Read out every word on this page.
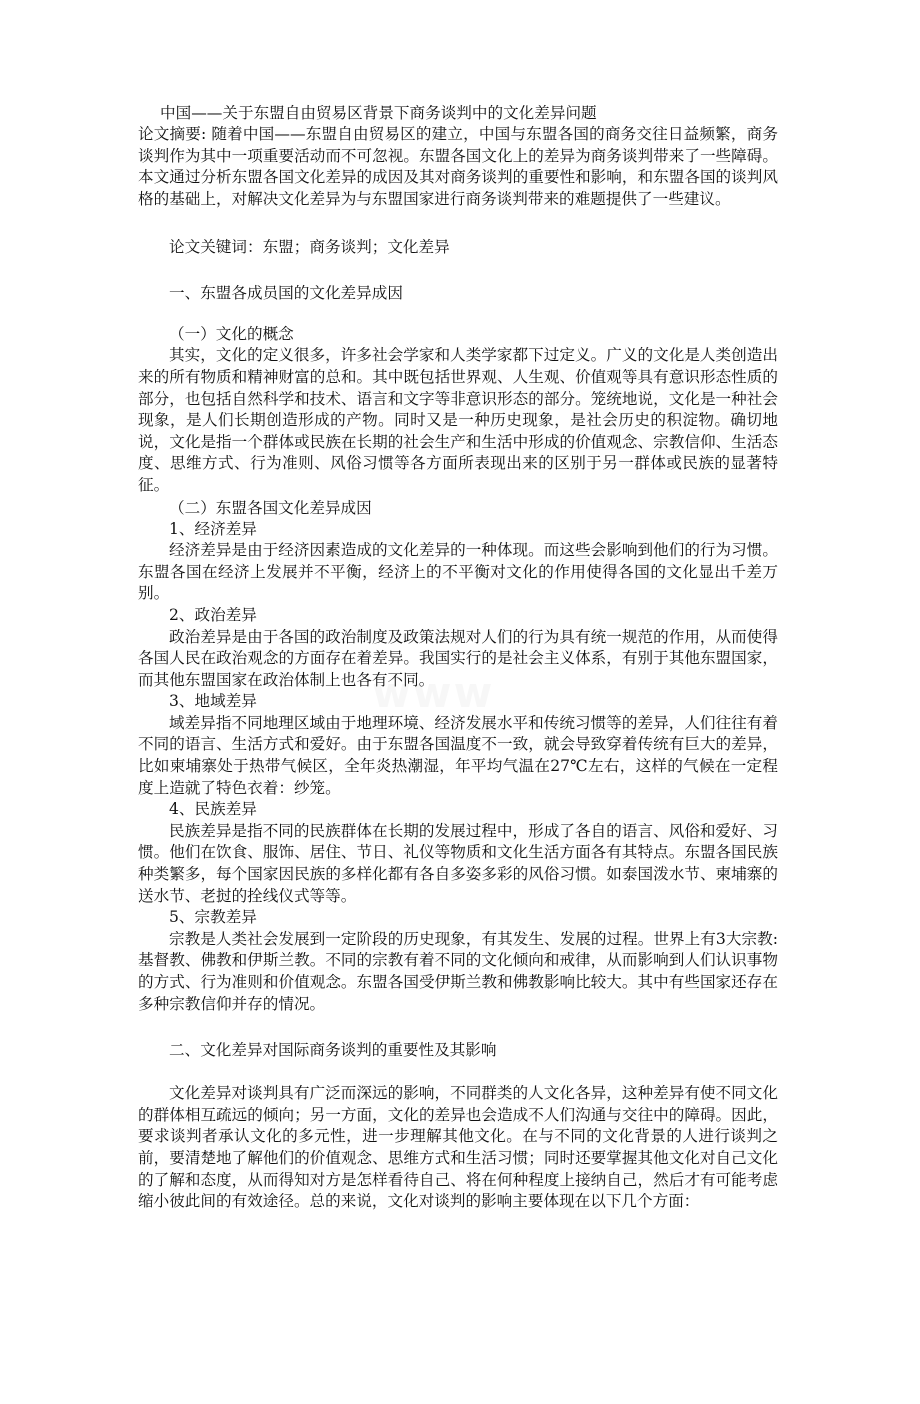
中国——关于东盟自由贸易区背景下商务谈判中的文化差异问题

论文摘要: 随着中国——东盟自由贸易区的建立，中国与东盟各国的商务交往日益频繁，商务谈判作为其中一项重要活动而不可忽视。东盟各国文化上的差异为商务谈判带来了一些障碍。本文通过分析东盟各国文化差异的成因及其对商务谈判的重要性和影响，和东盟各国的谈判风格的基础上，对解决文化差异为与东盟国家进行商务谈判带来的难题提供了一些建议。

论文关键词：东盟；商务谈判；文化差异
一、东盟各成员国的文化差异成因
（一）文化的概念

其实，文化的定义很多，许多社会学家和人类学家都下过定义。广义的文化是人类创造出来的所有物质和精神财富的总和。其中既包括世界观、人生观、价值观等具有意识形态性质的部分，也包括自然科学和技术、语言和文字等非意识形态的部分。笼统地说，文化是一种社会现象，是人们长期创造形成的产物。同时又是一种历史现象，是社会历史的积淀物。确切地说，文化是指一个群体或民族在长期的社会生产和生活中形成的价值观念、宗教信仰、生活态度、思维方式、行为准则、风俗习惯等各方面所表现出来的区别于另一群体或民族的显著特征。

（二）东盟各国文化差异成因
1、经济差异

经济差异是由于经济因素造成的文化差异的一种体现。而这些会影响到他们的行为习惯。东盟各国在经济上发展并不平衡，经济上的不平衡对文化的作用使得各国的文化显出千差万别。

2、政治差异

政治差异是由于各国的政治制度及政策法规对人们的行为具有统一规范的作用，从而使得各国人民在政治观念的方面存在着差异。我国实行的是社会主义体系，有别于其他东盟国家，而其他东盟国家在政治体制上也各有不同。

3、地域差异

域差异指不同地理区域由于地理环境、经济发展水平和传统习惯等的差异，人们往往有着不同的语言、生活方式和爱好。由于东盟各国温度不一致，就会导致穿着传统有巨大的差异，比如柬埔寨处于热带气候区，全年炎热潮湿，年平均气温在27℃左右，这样的气候在一定程度上造就了特色衣着：纱笼。

4、民族差异

民族差异是指不同的民族群体在长期的发展过程中，形成了各自的语言、风俗和爱好、习惯。他们在饮食、服饰、居住、节日、礼仪等物质和文化生活方面各有其特点。东盟各国民族种类繁多，每个国家因民族的多样化都有各自多姿多彩的风俗习惯。如泰国泼水节、柬埔寨的送水节、老挝的拴线仪式等等。

5、宗教差异

宗教是人类社会发展到一定阶段的历史现象，有其发生、发展的过程。世界上有3大宗教: 基督教、佛教和伊斯兰教。不同的宗教有着不同的文化倾向和戒律，从而影响到人们认识事物的方式、行为准则和价值观念。东盟各国受伊斯兰教和佛教影响比较大。其中有些国家还存在多种宗教信仰并存的情况。

二、文化差异对国际商务谈判的重要性及其影响

文化差异对谈判具有广泛而深远的影响，不同群类的人文化各异，这种差异有使不同文化的群体相互疏远的倾向；另一方面，文化的差异也会造成不人们沟通与交往中的障碍。因此，要求谈判者承认文化的多元性，进一步理解其他文化。在与不同的文化背景的人进行谈判之前，要清楚地了解他们的价值观念、思维方式和生活习惯；同时还要掌握其他文化对自己文化的了解和态度，从而得知对方是怎样看待自己、将在何种程度上接纳自己，然后才有可能考虑缩小彼此间的有效途径。总的来说，文化对谈判的影响主要体现在以下几个方面：
